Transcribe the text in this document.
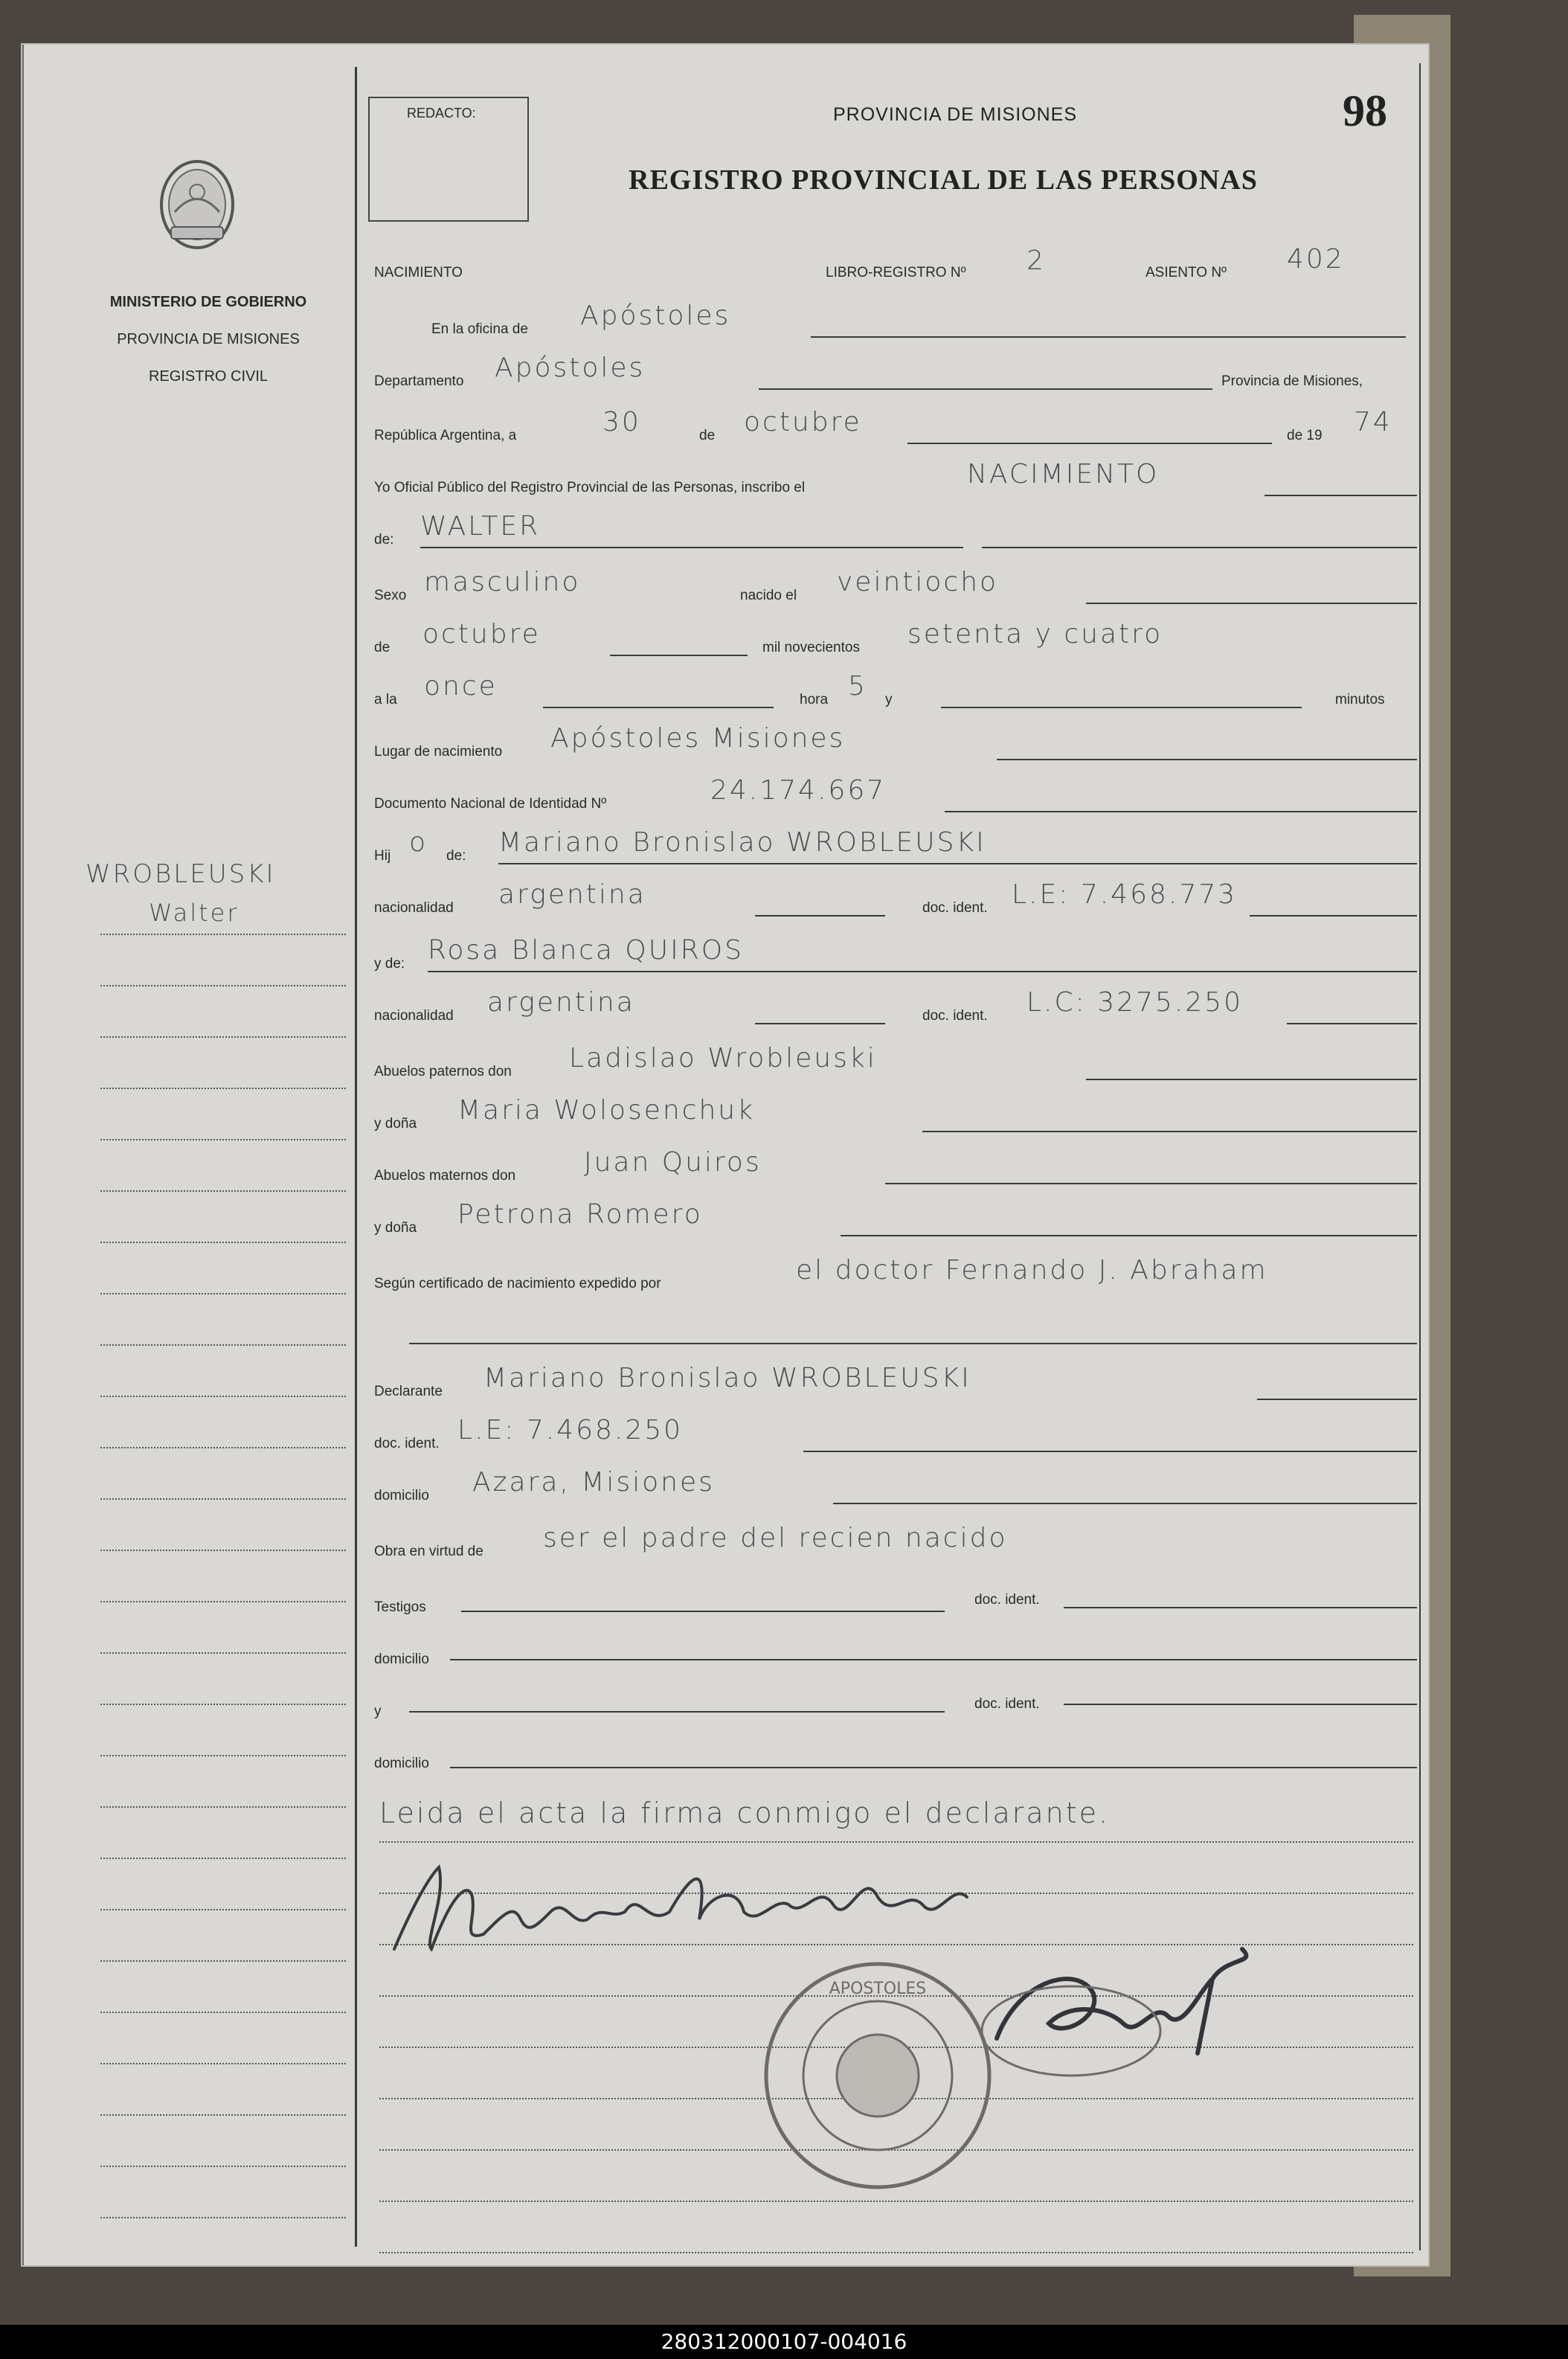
MINISTERIO DE GOBIERNO
PROVINCIA DE MISIONES
REGISTRO CIVIL
WROBLEUSKI
Walter
REDACTO:	PROVINCIA DE MISIONES	98
REGISTRO PROVINCIAL DE LAS PERSONAS
NACIMIENTO	LIBRO-REGISTRO Nº 2	ASIENTO Nº 402
En la oficina de Apóstoles
Departamento Apóstoles	Provincia de Misiones,
República Argentina, a	30	de octubre	de 19 74
Yo Oficial Público del Registro Provincial de las Personas, inscribo el	NACIMIENTO
de: WALTER
Sexo masculino	nacido el veintiocho
de octubre	mil novecientos setenta y cuatro
a la once	hora 5 y	minutos
Lugar de nacimiento Apóstoles Misiones
Documento Nacional de Identidad Nº	24.174.667
Hij o de: Mariano Bronislao WROBLEUSKI
nacionalidad argentina	doc. ident. L.E: 7.468.773
y de: Rosa Blanca QUIROS
nacionalidad argentina	doc. ident. L.C: 3275.250
Abuelos paternos don Ladislao Wrobleuski
y doña Maria Wolosenchuk
Abuelos maternos don	Juan Quiros
y doña Petrona Romero
Según certificado de nacimiento expedido por	el doctor Fernando J. Abraham
Declarante Mariano Bronislao WROBLEUSKI
doc. ident. L.E: 7.468.250
domicilio Azara, Misiones
Obra en virtud de ser el padre del recien nacido
Testigos	doc. ident.
domicilio
y	doc. ident.
domicilio
Leida el acta la firma conmigo el declarante.
Mariano Wrobleuski	APOSTOLES
Bunk
280312000107-004016
